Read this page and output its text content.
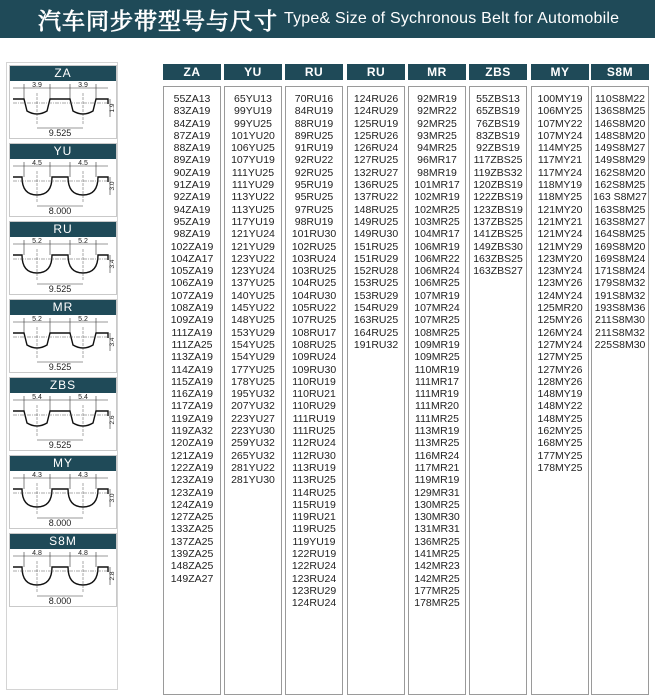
汽车同步带型号与尺寸 Type& Size of Sychronous Belt for Automobile
ZA
3.9	3.9
9.525
1.9
YU
4.5	4.5
8.000
3.0
RU
5.2	5.2
9.525
3.4
MR
5.2	5.2
9.525
3.4
ZBS
5.4	5.4
9.525
2.6
MY
4.3	4.3
8.000
3.0
S8M
4.8	4.8
8.000
2.8
ZA
55ZA13
83ZA19
84ZA19
87ZA19
88ZA19
89ZA19
90ZA19
91ZA19
92ZA19
94ZA19
95ZA19
98ZA19
102ZA19
104ZA17
105ZA19
106ZA19
107ZA19
108ZA19
109ZA19
111ZA19
111ZA25
113ZA19
114ZA19
115ZA19
116ZA19
117ZA19
119ZA19
119ZA32
120ZA19
121ZA19
122ZA19
123ZA19
123ZA19
124ZA19
127ZA25
133ZA25
137ZA25
139ZA25
148ZA25
149ZA27
YU
65YU13
99YU19
99YU25
101YU20
106YU25
107YU19
111YU25
111YU29
113YU22
113YU25
117YU19
121YU24
121YU29
123YU22
123YU24
137YU25
140YU25
145YU22
148YU25
153YU29
154YU25
154YU29
177YU25
178YU25
195YU32
207YU32
223YU27
223YU30
259YU32
265YU32
281YU22
281YU30
RU
70RU16
84RU19
88RU19
89RU25
91RU19
92RU22
92RU25
95RU19
95RU25
97RU25
98RU19
101RU30
102RU25
103RU24
103RU25
104RU25
104RU30
105RU22
107RU25
108RU17
108RU25
109RU24
109RU30
110RU19
110RU21
110RU29
111RU19
111RU25
112RU24
112RU30
113RU19
113RU25
114RU25
115RU19
119RU21
119RU25
119YU19
122RU19
122RU24
123RU24
123RU29
124RU24
RU
124RU26
124RU29
125RU19
125RU26
126RU24
127RU25
132RU27
136RU25
137RU22
148RU25
149RU25
149RU30
151RU25
151RU29
152RU28
153RU25
153RU29
154RU29
163RU25
164RU25
191RU32
MR
92MR19
92MR22
92MR25
93MR25
94MR25
96MR17
98MR19
101MR17
102MR19
102MR25
103MR25
104MR17
106MR19
106MR22
106MR24
106MR25
107MR19
107MR24
107MR25
108MR25
109MR19
109MR25
110MR19
111MR17
111MR19
111MR20
111MR25
113MR19
113MR25
116MR24
117MR21
119MR19
129MR31
130MR25
130MR30
131MR31
136MR25
141MR25
142MR23
142MR25
177MR25
178MR25
ZBS
55ZBS13
65ZBS19
76ZBS19
83ZBS19
92ZBS19
117ZBS25
119ZBS32
120ZBS19
122ZBS19
123ZBS19
137ZBS25
141ZBS25
149ZBS30
163ZBS25
163ZBS27
MY
100MY19
106MY25
107MY22
107MY24
114MY25
117MY21
117MY24
118MY19
118MY25
121MY20
121MY21
121MY24
121MY29
123MY20
123MY24
123MY26
124MY24
125MR20
125MY26
126MY24
127MY24
127MY25
127MY26
128MY26
148MY19
148MY22
148MY25
162MY25
168MY25
177MY25
178MY25
S8M
110S8M22
136S8M25
146S8M20
148S8M20
149S8M27
149S8M29
162S8M20
162S8M25
163 S8M27
163S8M25
163S8M27
164S8M25
169S8M20
169S8M24
171S8M24
179S8M32
191S8M32
193S8M36
211S8M30
211S8M32
225S8M30
